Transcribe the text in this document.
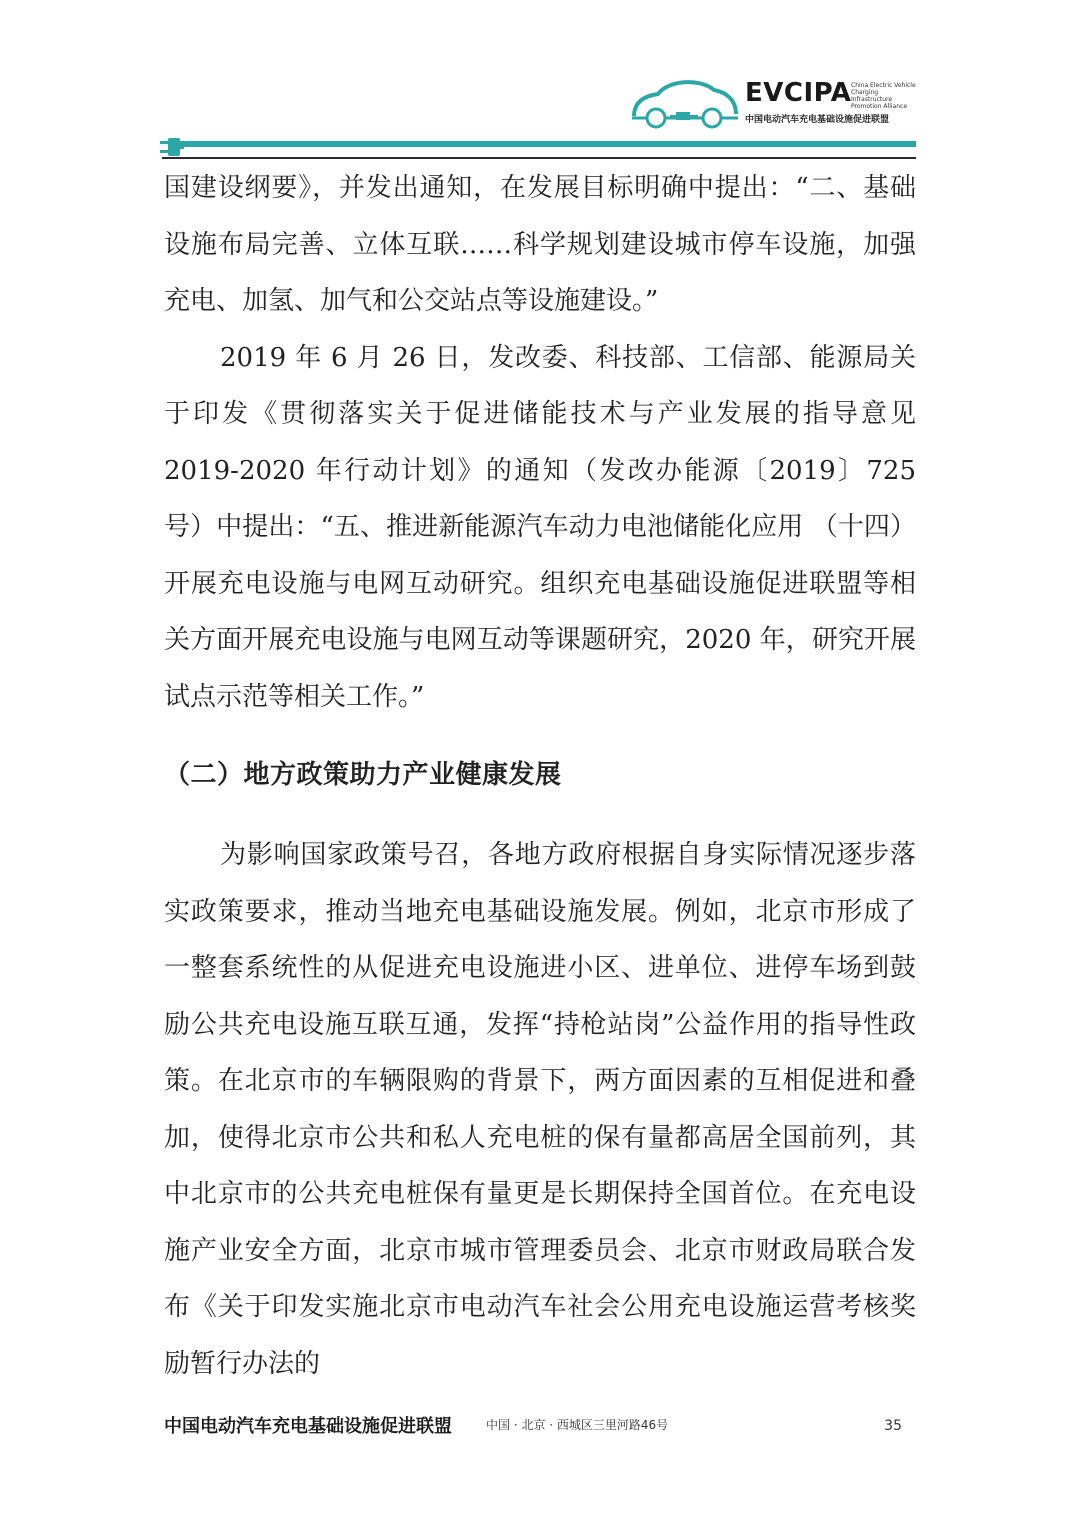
EVCIPA China Electric Vehicle Charging Infrastructure Promotion Alliance
中国电动汽车充电基础设施促进联盟

国建设纲要》，并发出通知，在发展目标明确中提出：“二、基础设施布局完善、立体互联……科学规划建设城市停车设施，加强充电、加氢、加气和公交站点等设施建设。”

2019 年 6 月 26 日，发改委、科技部、工信部、能源局关于印发《贯彻落实关于促进储能技术与产业发展的指导意见 2019-2020 年行动计划》的通知（发改办能源〔2019〕725 号）中提出：“五、推进新能源汽车动力电池储能化应用 （十四）开展充电设施与电网互动研究。组织充电基础设施促进联盟等相关方面开展充电设施与电网互动等课题研究，2020 年，研究开展试点示范等相关工作。”

（二）地方政策助力产业健康发展

为影响国家政策号召，各地方政府根据自身实际情况逐步落实政策要求，推动当地充电基础设施发展。例如，北京市形成了一整套系统性的从促进充电设施进小区、进单位、进停车场到鼓励公共充电设施互联互通，发挥“持枪站岗”公益作用的指导性政策。在北京市的车辆限购的背景下，两方面因素的互相促进和叠加，使得北京市公共和私人充电桩的保有量都高居全国前列，其中北京市的公共充电桩保有量更是长期保持全国首位。在充电设施产业安全方面，北京市城市管理委员会、北京市财政局联合发布《关于印发实施北京市电动汽车社会公用充电设施运营考核奖励暂行办法的

中国电动汽车充电基础设施促进联盟	中国 · 北京 · 西城区三里河路46号	35
